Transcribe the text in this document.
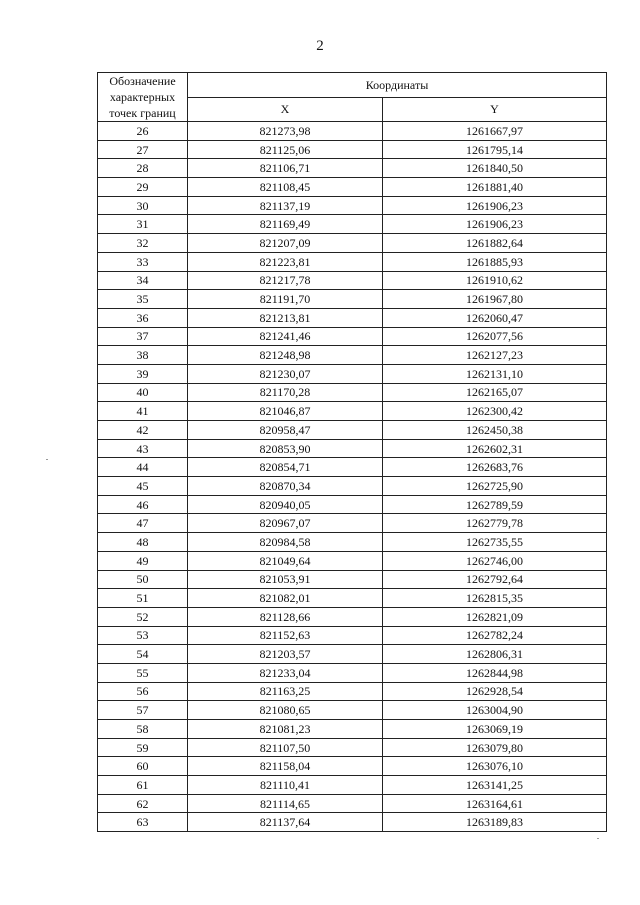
2
Обозначение характерных точек границ	Координаты	
	X	Y
26	821273,98	1261667,97
27	821125,06	1261795,14
28	821106,71	1261840,50
29	821108,45	1261881,40
30	821137,19	1261906,23
31	821169,49	1261906,23
32	821207,09	1261882,64
33	821223,81	1261885,93
34	821217,78	1261910,62
35	821191,70	1261967,80
36	821213,81	1262060,47
37	821241,46	1262077,56
38	821248,98	1262127,23
39	821230,07	1262131,10
40	821170,28	1262165,07
41	821046,87	1262300,42
42	820958,47	1262450,38
43	820853,90	1262602,31
44	820854,71	1262683,76
45	820870,34	1262725,90
46	820940,05	1262789,59
47	820967,07	1262779,78
48	820984,58	1262735,55
49	821049,64	1262746,00
50	821053,91	1262792,64
51	821082,01	1262815,35
52	821128,66	1262821,09
53	821152,63	1262782,24
54	821203,57	1262806,31
55	821233,04	1262844,98
56	821163,25	1262928,54
57	821080,65	1263004,90
58	821081,23	1263069,19
59	821107,50	1263079,80
60	821158,04	1263076,10
61	821110,41	1263141,25
62	821114,65	1263164,61
63	821137,64	1263189,83
